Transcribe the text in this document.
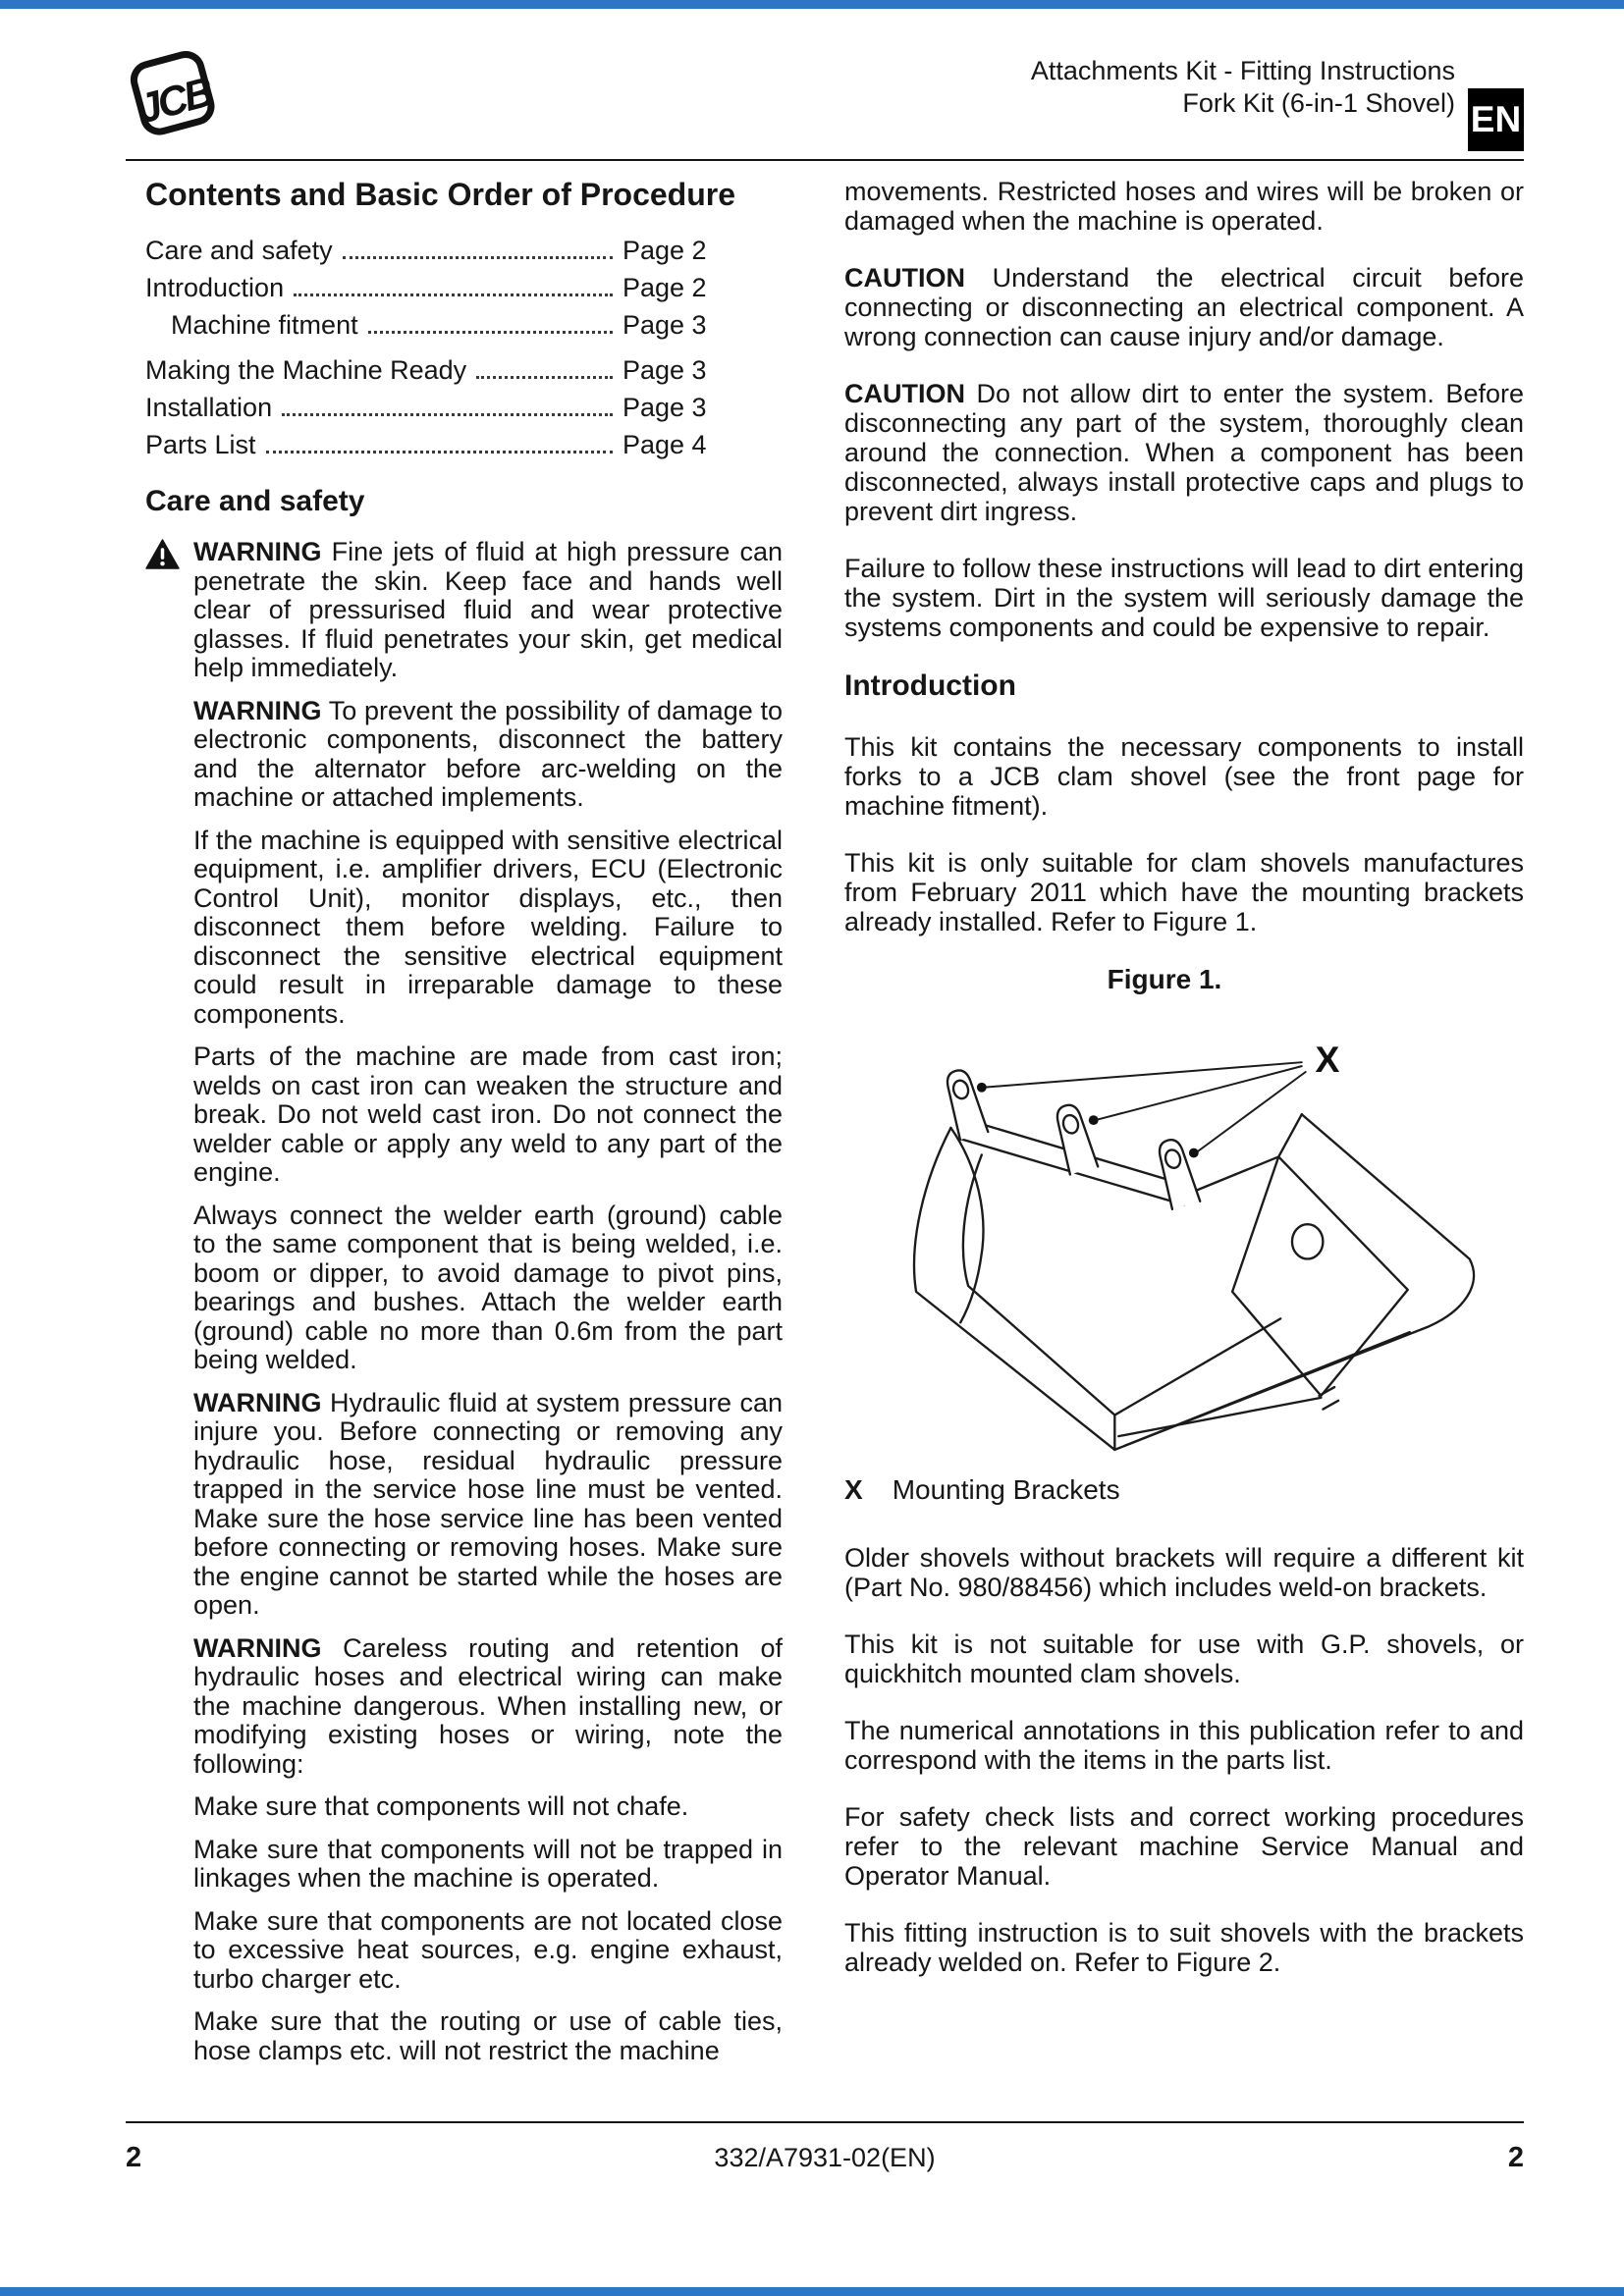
JCB	Attachments Kit - Fitting Instructions
Fork Kit (6-in-1 Shovel) EN
Contents and Basic Order of Procedure
Care and safety	Page 2
Introduction	Page 2
Machine fitment	Page 3
Making the Machine Ready	Page 3
Installation	Page 3
Parts List	Page 4
Care and safety

WARNING Fine jets of fluid at high pressure can penetrate the skin. Keep face and hands well clear of pressurised fluid and wear protective glasses. If fluid penetrates your skin, get medical help immediately.

WARNING To prevent the possibility of damage to electronic components, disconnect the battery and the alternator before arc-welding on the machine or attached implements.

If the machine is equipped with sensitive electrical equipment, i.e. amplifier drivers, ECU (Electronic Control Unit), monitor displays, etc., then disconnect them before welding. Failure to disconnect the sensitive electrical equipment could result in irreparable damage to these components.

Parts of the machine are made from cast iron; welds on cast iron can weaken the structure and break. Do not weld cast iron. Do not connect the welder cable or apply any weld to any part of the engine.

Always connect the welder earth (ground) cable to the same component that is being welded, i.e. boom or dipper, to avoid damage to pivot pins, bearings and bushes. Attach the welder earth (ground) cable no more than 0.6m from the part being welded.

WARNING Hydraulic fluid at system pressure can injure you. Before connecting or removing any hydraulic hose, residual hydraulic pressure trapped in the service hose line must be vented. Make sure the hose service line has been vented before connecting or removing hoses. Make sure the engine cannot be started while the hoses are open.

WARNING Careless routing and retention of hydraulic hoses and electrical wiring can make the machine dangerous. When installing new, or modifying existing hoses or wiring, note the following:

Make sure that components will not chafe.

Make sure that components will not be trapped in linkages when the machine is operated.

Make sure that components are not located close to excessive heat sources, e.g. engine exhaust, turbo charger etc.

Make sure that the routing or use of cable ties, hose clamps etc. will not restrict the machine

movements. Restricted hoses and wires will be broken or damaged when the machine is operated.

CAUTION Understand the electrical circuit before connecting or disconnecting an electrical component. A wrong connection can cause injury and/or damage.

CAUTION Do not allow dirt to enter the system. Before disconnecting any part of the system, thoroughly clean around the connection. When a component has been disconnected, always install protective caps and plugs to prevent dirt ingress.

Failure to follow these instructions will lead to dirt entering the system. Dirt in the system will seriously damage the systems components and could be expensive to repair.

Introduction

This kit contains the necessary components to install forks to a JCB clam shovel (see the front page for machine fitment).

This kit is only suitable for clam shovels manufactures from February 2011 which have the mounting brackets already installed. Refer to Figure 1.

Figure 1.
X
X Mounting Brackets

Older shovels without brackets will require a different kit (Part No. 980/88456) which includes weld-on brackets.

This kit is not suitable for use with G.P. shovels, or quickhitch mounted clam shovels.

The numerical annotations in this publication refer to and correspond with the items in the parts list.

For safety check lists and correct working procedures refer to the relevant machine Service Manual and Operator Manual.

This fitting instruction is to suit shovels with the brackets already welded on. Refer to Figure 2.

2	332/A7931-02(EN)	2
